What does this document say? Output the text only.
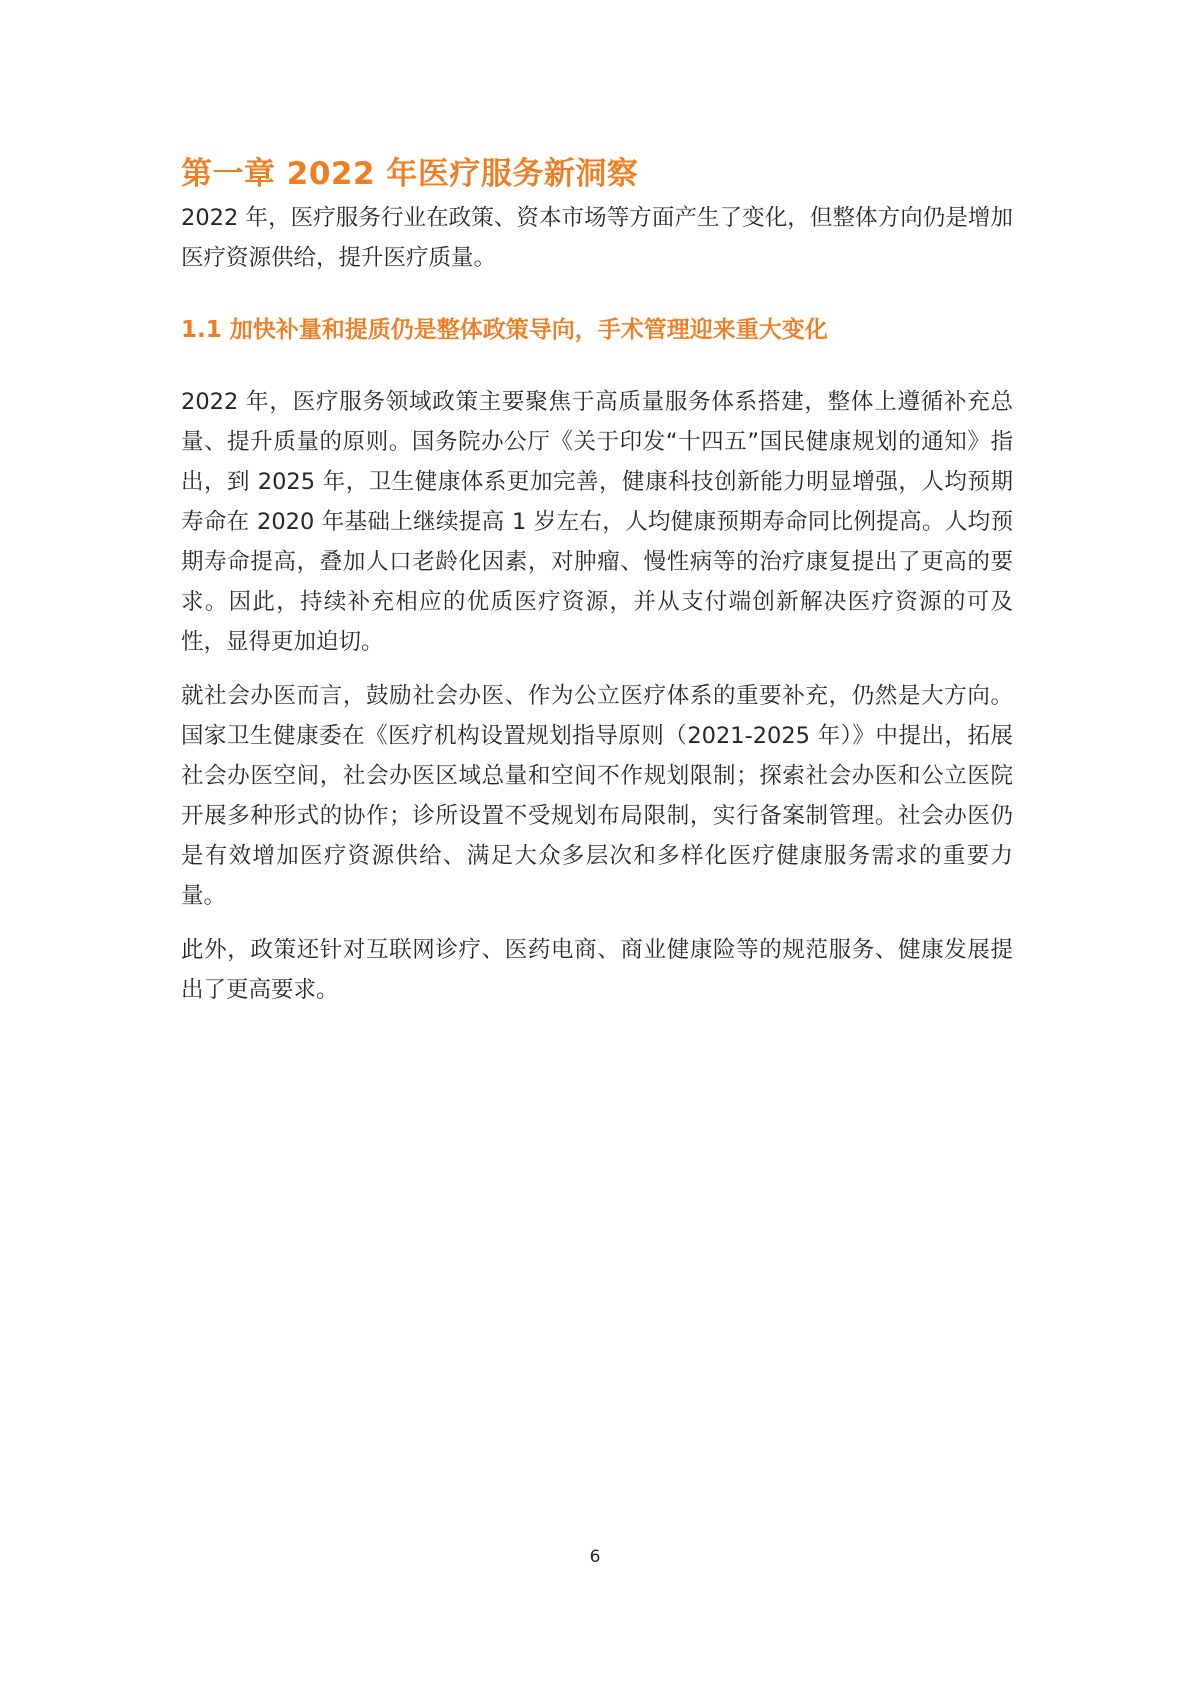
第一章 2022 年医疗服务新洞察

2022 年，医疗服务行业在政策、资本市场等方面产生了变化，但整体方向仍是增加医疗资源供给，提升医疗质量。

1.1 加快补量和提质仍是整体政策导向，手术管理迎来重大变化

2022 年，医疗服务领域政策主要聚焦于高质量服务体系搭建，整体上遵循补充总量、提升质量的原则。国务院办公厅《关于印发“十四五”国民健康规划的通知》指出，到 2025 年，卫生健康体系更加完善，健康科技创新能力明显增强，人均预期寿命在 2020 年基础上继续提高 1 岁左右，人均健康预期寿命同比例提高。人均预期寿命提高，叠加人口老龄化因素，对肿瘤、慢性病等的治疗康复提出了更高的要求。因此，持续补充相应的优质医疗资源，并从支付端创新解决医疗资源的可及性，显得更加迫切。

就社会办医而言，鼓励社会办医、作为公立医疗体系的重要补充，仍然是大方向。国家卫生健康委在《医疗机构设置规划指导原则（2021-2025 年）》中提出，拓展社会办医空间，社会办医区域总量和空间不作规划限制；探索社会办医和公立医院开展多种形式的协作；诊所设置不受规划布局限制，实行备案制管理。社会办医仍是有效增加医疗资源供给、满足大众多层次和多样化医疗健康服务需求的重要力量。

此外，政策还针对互联网诊疗、医药电商、商业健康险等的规范服务、健康发展提出了更高要求。

6
